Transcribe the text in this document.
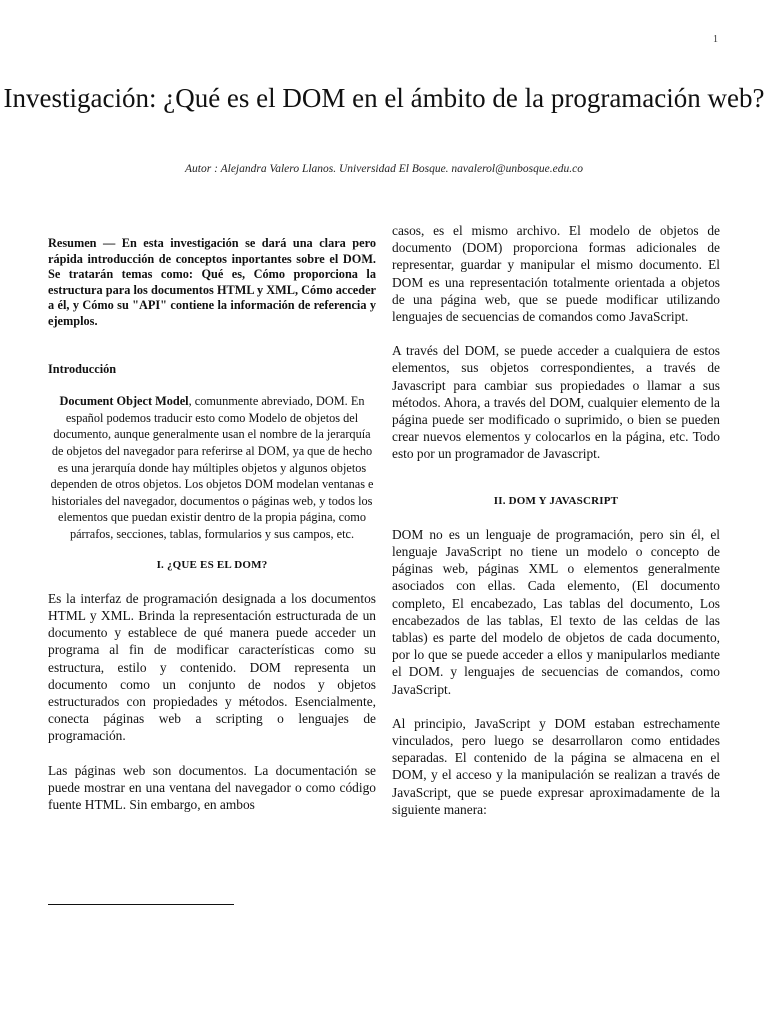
1
Investigación: ¿Qué es el DOM en el ámbito de la programación web?
Autor : Alejandra Valero Llanos. Universidad El Bosque. navalerol@unbosque.edu.co

Resumen — En esta investigación se dará una clara pero rápida introducción de conceptos inportantes sobre el DOM. Se tratarán temas como: Qué es, Cómo proporciona la estructura para los documentos HTML y XML, Cómo acceder a él, y Cómo su "API" contiene la información de referencia y ejemplos.

Introducción

Document Object Model, comunmente abreviado, DOM. En español podemos traducir esto como Modelo de objetos del documento, aunque generalmente usan el nombre de la jerarquía de objetos del navegador para referirse al DOM, ya que de hecho es una jerarquía donde hay múltiples objetos y algunos objetos dependen de otros objetos. Los objetos DOM modelan ventanas e historiales del navegador, documentos o páginas web, y todos los elementos que puedan existir dentro de la propia página, como párrafos, secciones, tablas, formularios y sus campos, etc.

I. ¿QUE ES EL DOM?

Es la interfaz de programación designada a los documentos HTML y XML. Brinda la representación estructurada de un documento y establece de qué manera puede acceder un programa al fin de modificar características como su estructura, estilo y contenido. DOM representa un documento como un conjunto de nodos y objetos estructurados con propiedades y métodos. Esencialmente, conecta páginas web a scripting o lenguajes de programación.

Las páginas web son documentos. La documentación se puede mostrar en una ventana del navegador o como código fuente HTML. Sin embargo, en ambos

casos, es el mismo archivo. El modelo de objetos de documento (DOM) proporciona formas adicionales de representar, guardar y manipular el mismo documento. El DOM es una representación totalmente orientada a objetos de una página web, que se puede modificar utilizando lenguajes de secuencias de comandos como JavaScript.

A través del DOM, se puede acceder a cualquiera de estos elementos, sus objetos correspondientes, a través de Javascript para cambiar sus propiedades o llamar a sus métodos. Ahora, a través del DOM, cualquier elemento de la página puede ser modificado o suprimido, o bien se pueden crear nuevos elementos y colocarlos en la página, etc. Todo esto por un programador de Javascript.

II. DOM Y JAVASCRIPT

DOM no es un lenguaje de programación, pero sin él, el lenguaje JavaScript no tiene un modelo o concepto de páginas web, páginas XML o elementos generalmente asociados con ellas. Cada elemento, (El documento completo, El encabezado, Las tablas del documento, Los encabezados de las tablas, El texto de las celdas de las tablas) es parte del modelo de objetos de cada documento, por lo que se puede acceder a ellos y manipularlos mediante el DOM. y lenguajes de secuencias de comandos, como JavaScript.

Al principio, JavaScript y DOM estaban estrechamente vinculados, pero luego se desarrollaron como entidades separadas. El contenido de la página se almacena en el DOM, y el acceso y la manipulación se realizan a través de JavaScript, que se puede expresar aproximadamente de la siguiente manera:
